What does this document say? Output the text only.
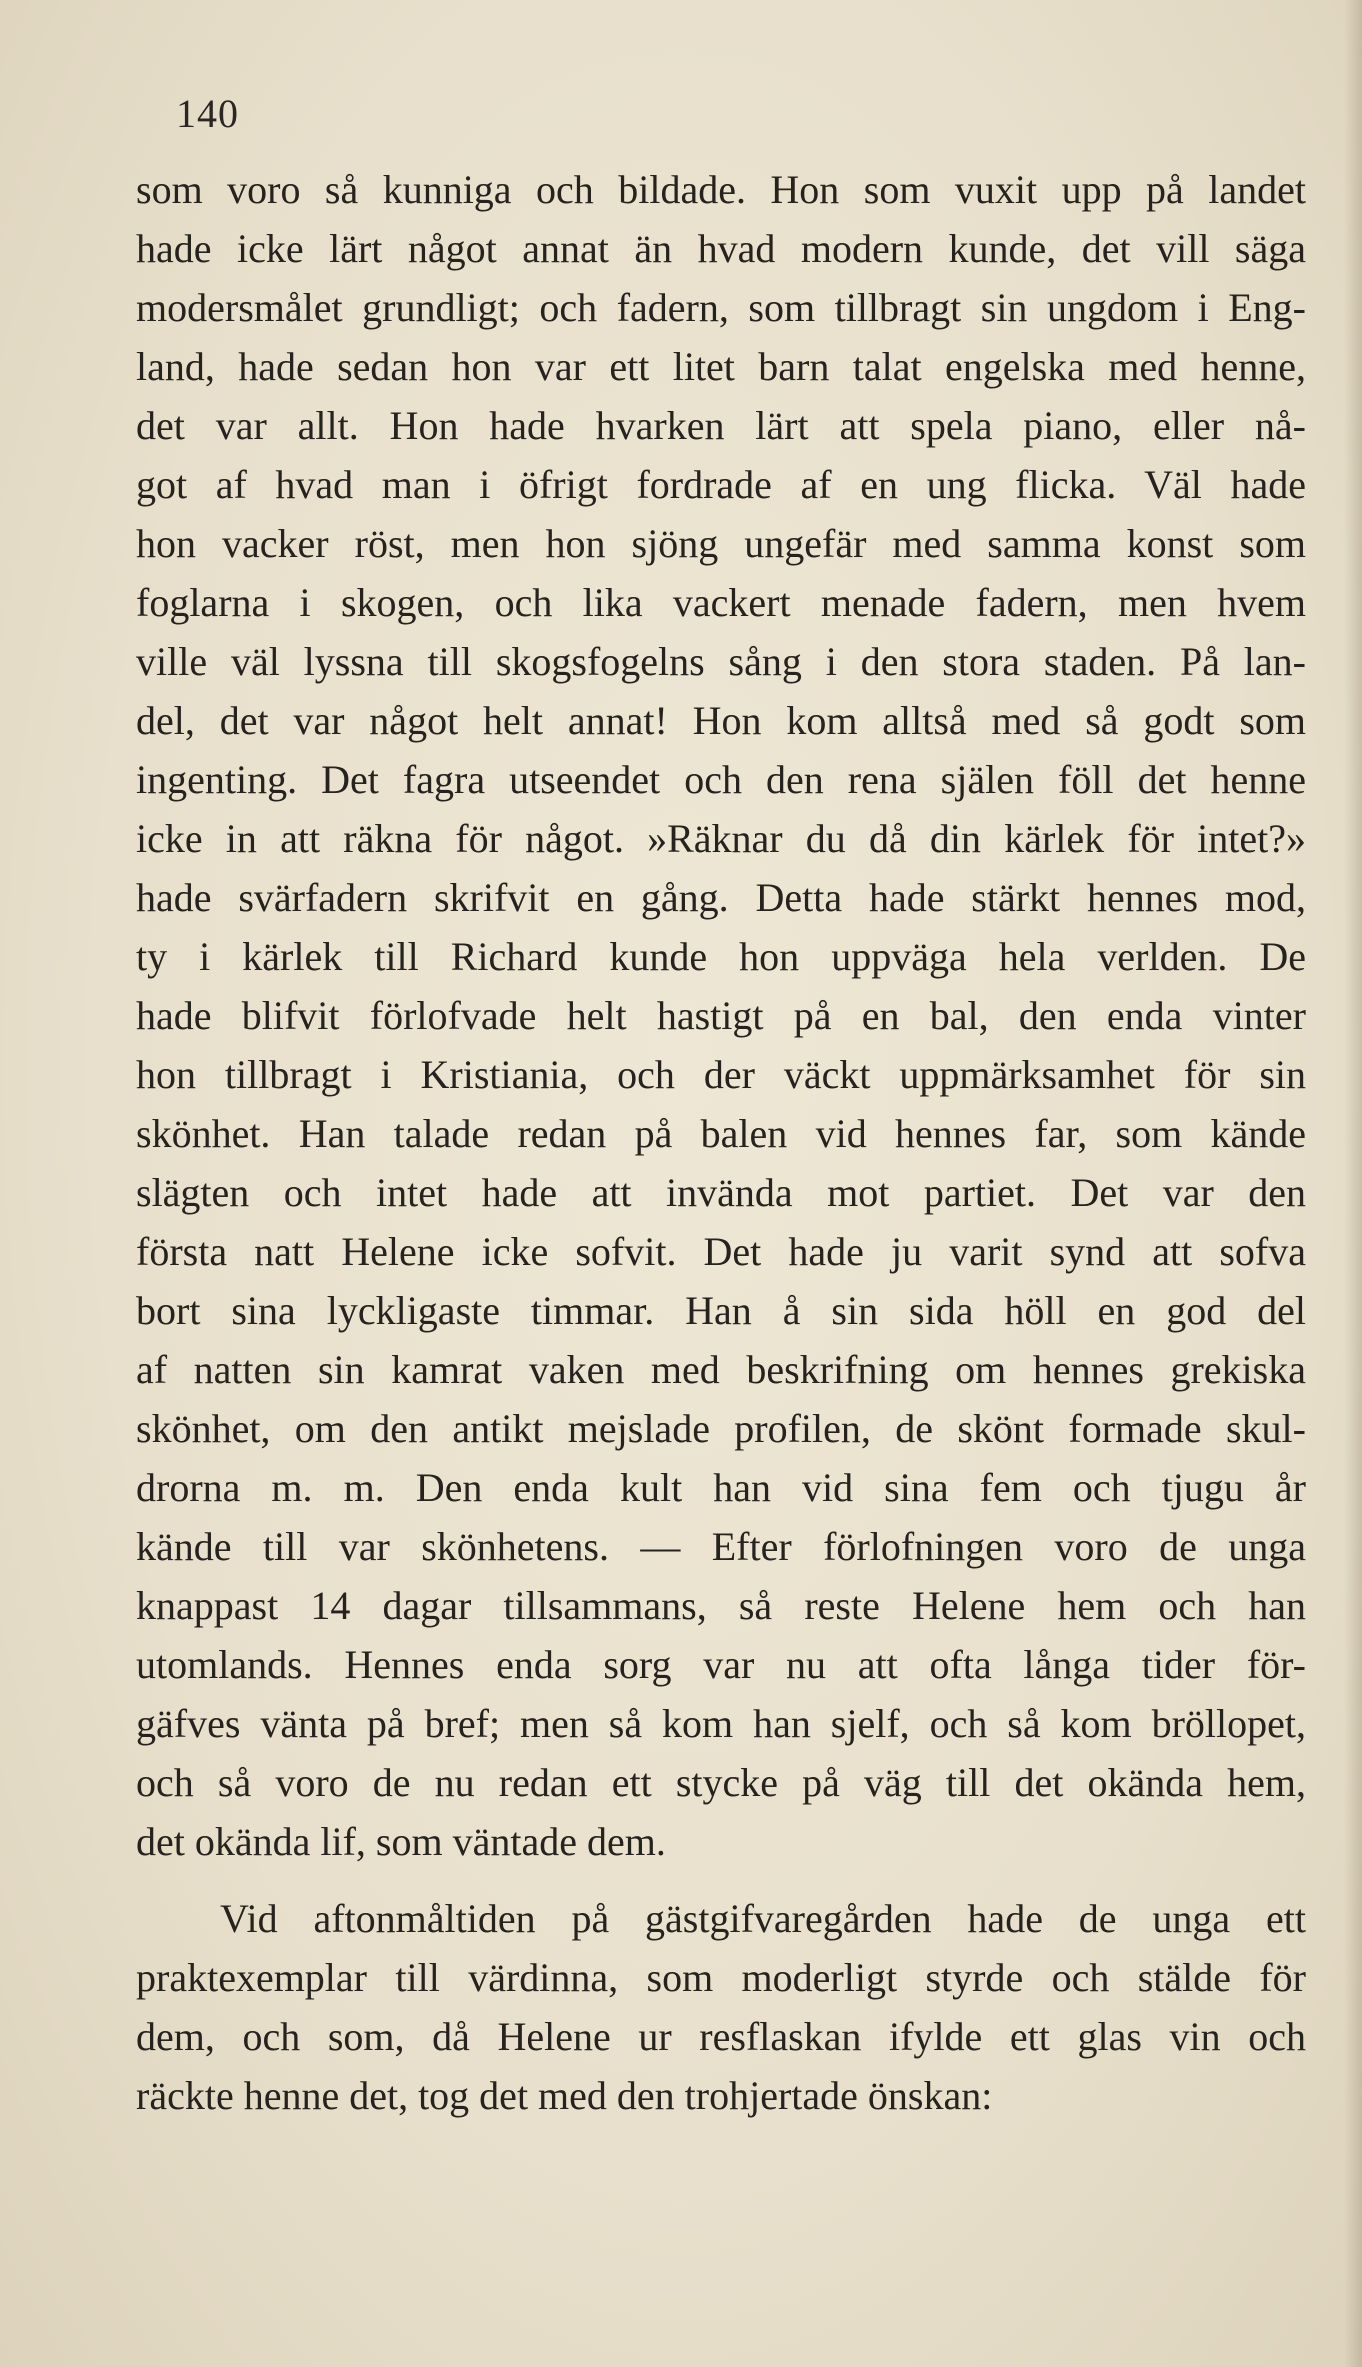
140
som voro så kunniga och bildade. Hon som vuxit upp på landet
hade icke lärt något annat än hvad modern kunde, det vill säga
modersmålet grundligt; och fadern, som tillbragt sin ungdom i Eng-
land, hade sedan hon var ett litet barn talat engelska med henne,
det var allt. Hon hade hvarken lärt att spela piano, eller nå-
got af hvad man i öfrigt fordrade af en ung flicka. Väl hade
hon vacker röst, men hon sjöng ungefär med samma konst som
foglarna i skogen, och lika vackert menade fadern, men hvem
ville väl lyssna till skogsfogelns sång i den stora staden. På lan-
del, det var något helt annat! Hon kom alltså med så godt som
ingenting. Det fagra utseendet och den rena själen föll det henne
icke in att räkna för något. »Räknar du då din kärlek för intet?»
hade svärfadern skrifvit en gång. Detta hade stärkt hennes mod,
ty i kärlek till Richard kunde hon uppväga hela verlden. De
hade blifvit förlofvade helt hastigt på en bal, den enda vinter
hon tillbragt i Kristiania, och der väckt uppmärksamhet för sin
skönhet. Han talade redan på balen vid hennes far, som kände
slägten och intet hade att invända mot partiet. Det var den
första natt Helene icke sofvit. Det hade ju varit synd att sofva
bort sina lyckligaste timmar. Han å sin sida höll en god del
af natten sin kamrat vaken med beskrifning om hennes grekiska
skönhet, om den antikt mejslade profilen, de skönt formade skul-
drorna m. m. Den enda kult han vid sina fem och tjugu år
kände till var skönhetens. — Efter förlofningen voro de unga
knappast 14 dagar tillsammans, så reste Helene hem och han
utomlands. Hennes enda sorg var nu att ofta långa tider för-
gäfves vänta på bref; men så kom han sjelf, och så kom bröllopet,
och så voro de nu redan ett stycke på väg till det okända hem,
det okända lif, som väntade dem.
Vid aftonmåltiden på gästgifvaregården hade de unga ett
praktexemplar till värdinna, som moderligt styrde och stälde för
dem, och som, då Helene ur resflaskan ifylde ett glas vin och
räckte henne det, tog det med den trohjertade önskan:
